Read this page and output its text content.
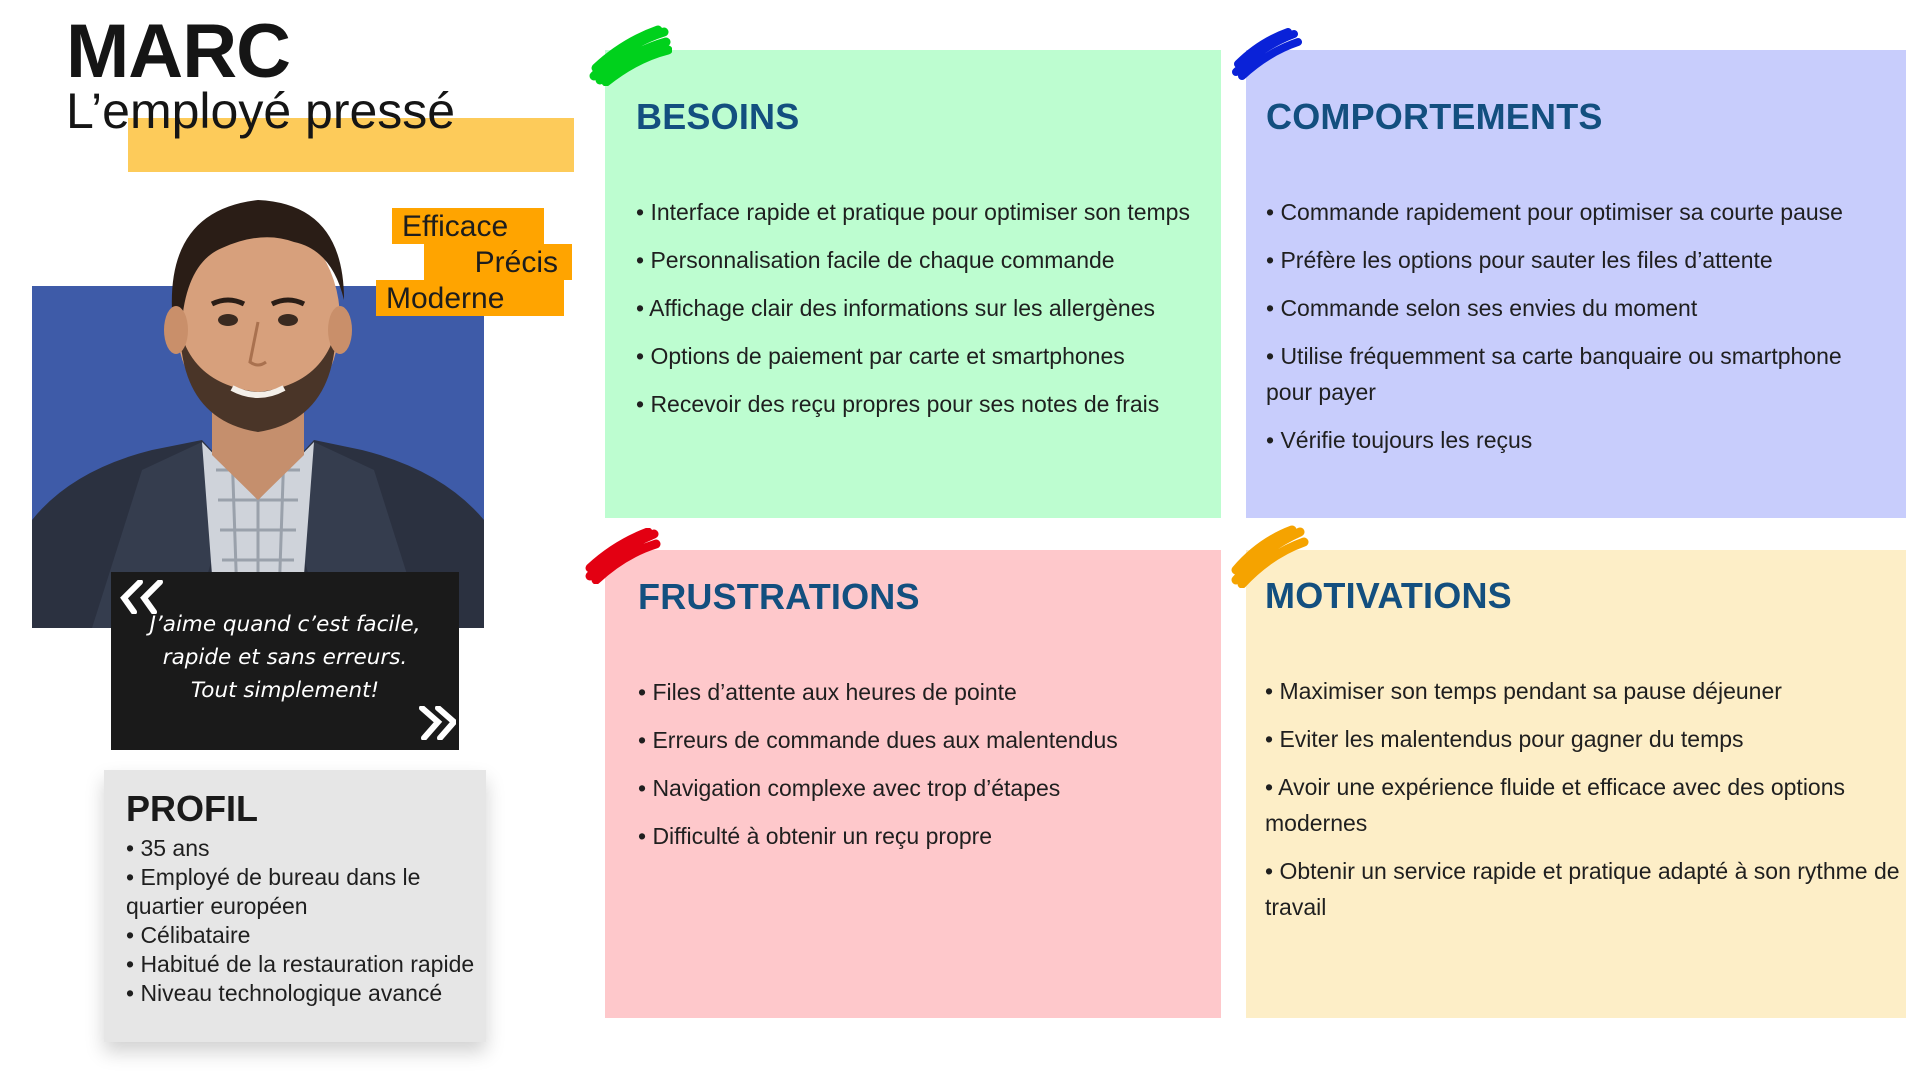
MARC
L’employé pressé
Efficace
Précis
Moderne
J’aime quand c’est facile,
rapide et sans erreurs.
Tout simplement!
PROFIL
• 35 ans
• Employé de bureau dans le quartier européen
• Célibataire
• Habitué de la restauration rapide
• Niveau technologique avancé
BESOINS
• Interface rapide et pratique pour optimiser son temps
• Personnalisation facile de chaque commande
• Affichage clair des informations sur les allergènes
• Options de paiement par carte et smartphones
• Recevoir des reçu propres pour ses notes de frais
COMPORTEMENTS
• Commande rapidement pour optimiser sa courte pause
• Préfère les options pour sauter les files d’attente
• Commande selon ses envies du moment
• Utilise fréquemment sa carte banquaire ou smartphone pour payer
• Vérifie toujours les reçus
FRUSTRATIONS
• Files d’attente aux heures de pointe
• Erreurs de commande dues aux malentendus
• Navigation complexe avec trop d’étapes
• Difficulté à obtenir un reçu propre
MOTIVATIONS
• Maximiser son temps pendant sa pause déjeuner
• Eviter les malentendus pour gagner du temps
• Avoir une expérience fluide et efficace avec des options modernes
• Obtenir un service rapide et pratique adapté à son rythme de travail
